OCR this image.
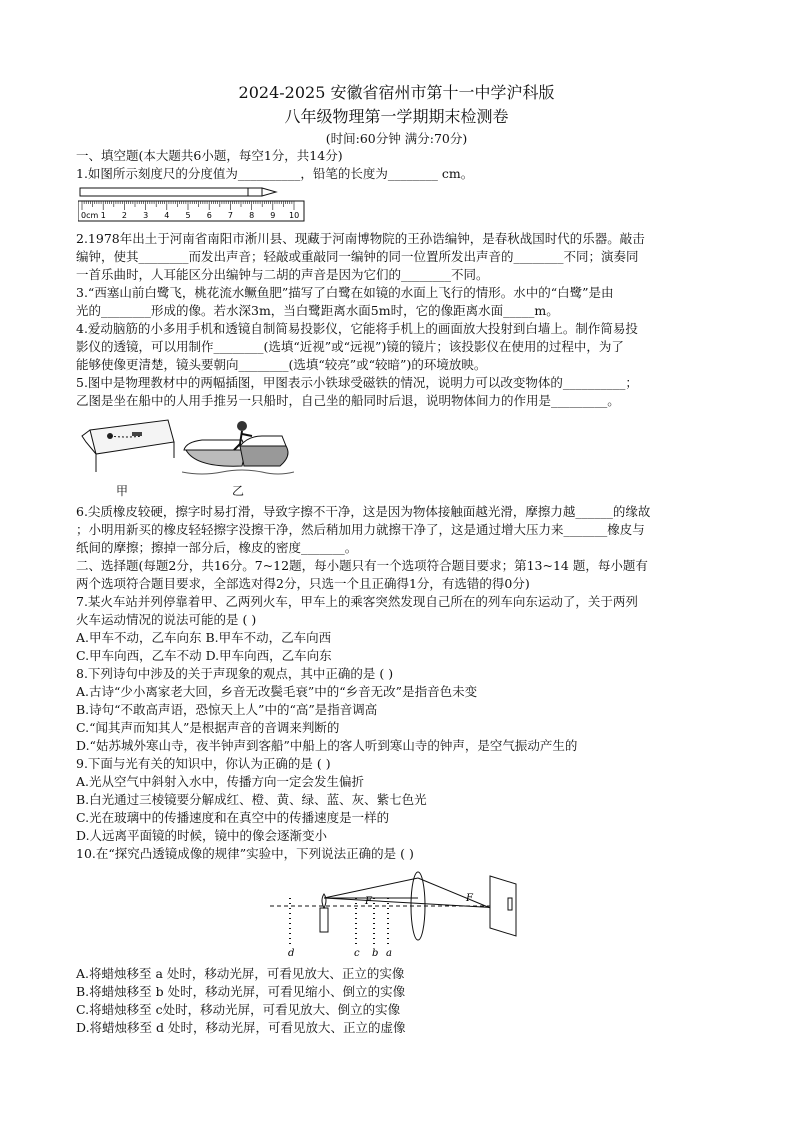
2024-2025 安徽省宿州市第十一中学沪科版
八年级物理第一学期期末检测卷
(时间:60分钟 满分:70分)
一、填空题(本大题共6小题，每空1分，共14分)
1.如图所示刻度尺的分度值为__________，铅笔的长度为________ cm。
0cm 1 2 3 4 5 6 7 8 9 10
2.1978年出土于河南省南阳市淅川县、现藏于河南博物院的王孙诰编钟，是春秋战国时代的乐器。敲击
编钟，使其________而发出声音；轻敲或重敲同一编钟的同一位置所发出声音的________不同；演奏同
一首乐曲时，人耳能区分出编钟与二胡的声音是因为它们的________不同。
3.“西塞山前白鹭飞，桃花流水鳜鱼肥”描写了白鹭在如镜的水面上飞行的情形。水中的“白鹭”是由
光的________形成的像。若水深3m，当白鹭距离水面5m时，它的像距离水面_____m。
4.爱动脑筋的小多用手机和透镜自制简易投影仪，它能将手机上的画面放大投射到白墙上。制作简易投
影仪的透镜，可以用制作________(选填“近视”或“远视”)镜的镜片；该投影仪在使用的过程中，为了
能够使像更清楚，镜头要朝向________(选填“较亮”或“较暗”)的环境放映。
5.图中是物理教材中的两幅插图，甲图表示小铁球受磁铁的情况，说明力可以改变物体的__________；
乙图是坐在船中的人用手推另一只船时，自己坐的船同时后退，说明物体间力的作用是_________。
甲	乙
6.尖质橡皮较硬，擦字时易打滑，导致字擦不干净，这是因为物体接触面越光滑，摩擦力越______的缘故
；小明用新买的橡皮轻轻擦字没擦干净，然后稍加用力就擦干净了，这是通过增大压力来_______橡皮与
纸间的摩擦；擦掉一部分后，橡皮的密度_______。
二、选择题(每题2分，共16分。7~12题，每小题只有一个选项符合题目要求；第13~14 题，每小题有
两个选项符合题目要求，全部选对得2分，只选一个且正确得1分，有选错的得0分)
7.某火车站并列停靠着甲、乙两列火车，甲车上的乘客突然发现自己所在的列车向东运动了，关于两列
火车运动情况的说法可能的是 ( )
A.甲车不动，乙车向东 B.甲车不动，乙车向西
C.甲车向西，乙车不动 D.甲车向西，乙车向东
8.下列诗句中涉及的关于声现象的观点，其中正确的是 ( )
A.古诗“少小离家老大回，乡音无改鬓毛衰”中的“乡音无改”是指音色未变
B.诗句“不敢高声语，恐惊天上人”中的“高”是指音调高
C.“闻其声而知其人”是根据声音的音调来判断的
D.“姑苏城外寒山寺，夜半钟声到客船”中船上的客人听到寒山寺的钟声，是空气振动产生的
9.下面与光有关的知识中，你认为正确的是 ( )
A.光从空气中斜射入水中，传播方向一定会发生偏折
B.白光通过三棱镜要分解成红、橙、黄、绿、蓝、灰、紫七色光
C.光在玻璃中的传播速度和在真空中的传播速度是一样的
D.人远离平面镜的时候，镜中的像会逐渐变小
10.在“探究凸透镜成像的规律”实验中，下列说法正确的是 ( )
d	c b a
F	F
A.将蜡烛移至 a 处时，移动光屏，可看见放大、正立的实像
B.将蜡烛移至 b 处时，移动光屏，可看见缩小、倒立的实像
C.将蜡烛移至 c处时，移动光屏，可看见放大、倒立的实像
D.将蜡烛移至 d 处时，移动光屏，可看见放大、正立的虚像
